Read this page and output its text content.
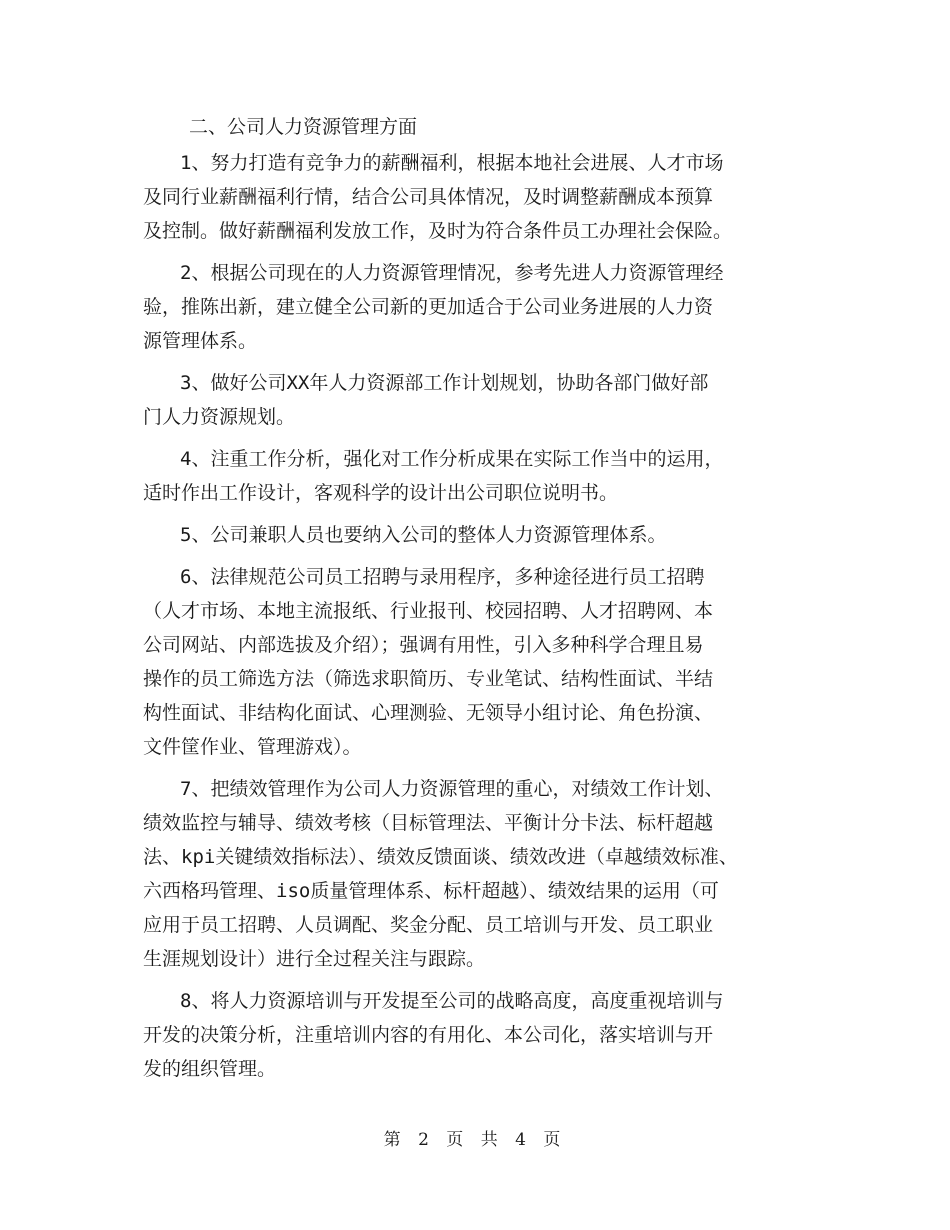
二、公司人力资源管理方面
1、努力打造有竞争力的薪酬福利，根据本地社会进展、人才市场
及同行业薪酬福利行情，结合公司具体情况，及时调整薪酬成本预算
及控制。做好薪酬福利发放工作，及时为符合条件员工办理社会保险。
2、根据公司现在的人力资源管理情况，参考先进人力资源管理经
验，推陈出新，建立健全公司新的更加适合于公司业务进展的人力资
源管理体系。
3、做好公司XX年人力资源部工作计划规划，协助各部门做好部
门人力资源规划。
4、注重工作分析，强化对工作分析成果在实际工作当中的运用，
适时作出工作设计，客观科学的设计出公司职位说明书。
5、公司兼职人员也要纳入公司的整体人力资源管理体系。
6、法律规范公司员工招聘与录用程序，多种途径进行员工招聘
（人才市场、本地主流报纸、行业报刊、校园招聘、人才招聘网、本
公司网站、内部选拔及介绍）；强调有用性，引入多种科学合理且易
操作的员工筛选方法（筛选求职简历、专业笔试、结构性面试、半结
构性面试、非结构化面试、心理测验、无领导小组讨论、角色扮演、
文件筐作业、管理游戏）。
7、把绩效管理作为公司人力资源管理的重心，对绩效工作计划、
绩效监控与辅导、绩效考核（目标管理法、平衡计分卡法、标杆超越
法、kpi关键绩效指标法）、绩效反馈面谈、绩效改进（卓越绩效标准、
六西格玛管理、iso质量管理体系、标杆超越）、绩效结果的运用（可
应用于员工招聘、人员调配、奖金分配、员工培训与开发、员工职业
生涯规划设计）进行全过程关注与跟踪。
8、将人力资源培训与开发提至公司的战略高度，高度重视培训与
开发的决策分析，注重培训内容的有用化、本公司化，落实培训与开
发的组织管理。
第 2 页 共 4 页
